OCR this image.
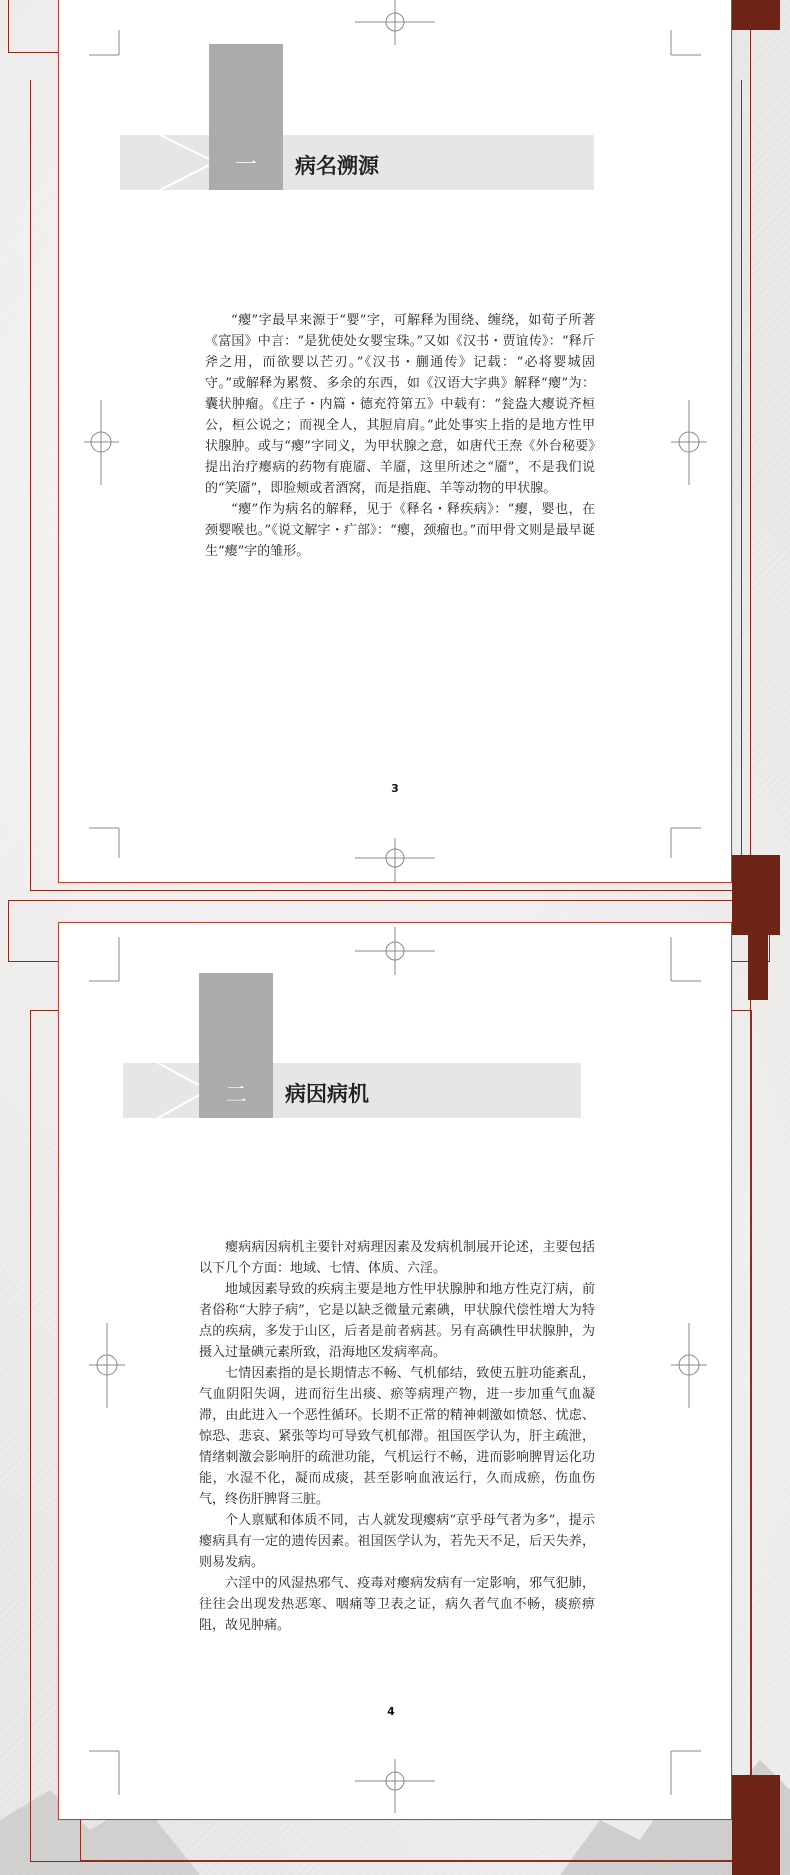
一	病名溯源

“瘿”字最早来源于“婴”字，可解释为围绕、缠绕，如荀子所著《富国》中言：“是犹使处女婴宝珠。”又如《汉书・贾谊传》：“释斤斧之用，而欲婴以芒刃。”《汉书・蒯通传》记载：“必将婴城固守。”或解释为累赘、多余的东西，如《汉语大字典》解释“瘿”为：囊状肿瘤。《庄子・内篇・德充符第五》中载有：“瓮盎大瘿说齐桓公，桓公说之；而视全人，其脰肩肩。”此处事实上指的是地方性甲状腺肿。或与“瘿”字同义，为甲状腺之意，如唐代王焘《外台秘要》提出治疗瘿病的药物有鹿靥、羊靥，这里所述之“靥”，不是我们说的“笑靥”，即脸颊或者酒窝，而是指鹿、羊等动物的甲状腺。

“瘿”作为病名的解释，见于《释名・释疾病》：“瘿，婴也，在颈婴喉也。”《说文解字・疒部》：“瘿，颈瘤也。”而甲骨文则是最早诞生“瘿”字的雏形。

3
二	病因病机

瘿病病因病机主要针对病理因素及发病机制展开论述，主要包括以下几个方面：地域、七情、体质、六淫。

地域因素导致的疾病主要是地方性甲状腺肿和地方性克汀病，前者俗称“大脖子病”，它是以缺乏微量元素碘，甲状腺代偿性增大为特点的疾病，多发于山区，后者是前者病甚。另有高碘性甲状腺肿，为摄入过量碘元素所致，沿海地区发病率高。

七情因素指的是长期情志不畅、气机郁结，致使五脏功能紊乱，气血阴阳失调，进而衍生出痰、瘀等病理产物，进一步加重气血凝滞，由此进入一个恶性循环。长期不正常的精神刺激如愤怒、忧虑、惊恐、悲哀、紧张等均可导致气机郁滞。祖国医学认为，肝主疏泄，情绪刺激会影响肝的疏泄功能，气机运行不畅，进而影响脾胃运化功能，水湿不化，凝而成痰，甚至影响血液运行，久而成瘀，伤血伤气，终伤肝脾肾三脏。

个人禀赋和体质不同，古人就发现瘿病“京乎母气者为多”，提示瘿病具有一定的遗传因素。祖国医学认为，若先天不足，后天失养，则易发病。

六淫中的风湿热邪气、疫毒对瘿病发病有一定影响，邪气犯肺，往往会出现发热恶寒、咽痛等卫表之证，病久者气血不畅，痰瘀痹阻，故见肿痛。

4
